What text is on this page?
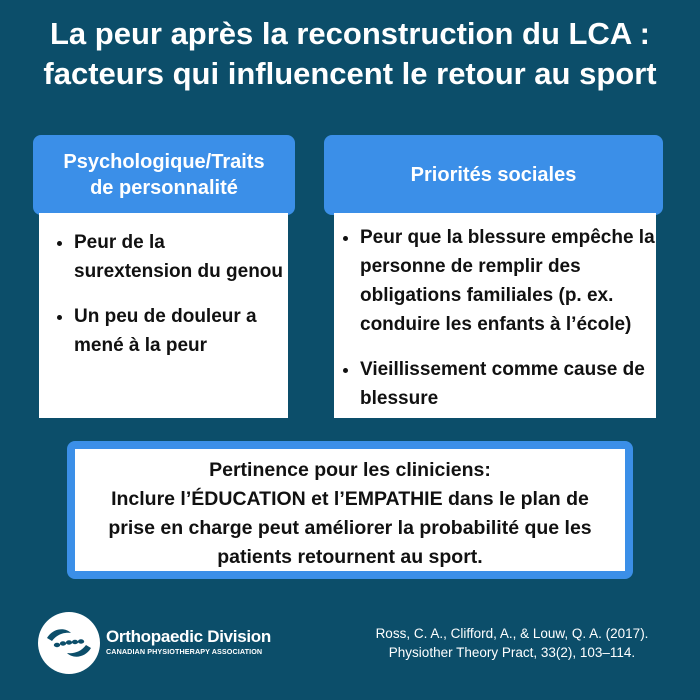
La peur après la reconstruction du LCA :
facteurs qui influencent le retour au sport
Psychologique/Traits
de personnalité
• Peur de la surextension du genou
• Un peu de douleur a mené à la peur
Priorités sociales
• Peur que la blessure empêche la personne de remplir des obligations familiales (p. ex. conduire les enfants à l’école)
• Vieillissement comme cause de blessure
Pertinence pour les cliniciens:
Inclure l’ÉDUCATION et l’EMPATHIE dans le plan de
prise en charge peut améliorer la probabilité que les
patients retournent au sport.
Orthopaedic Division
CANADIAN PHYSIOTHERAPY ASSOCIATION
Ross, C. A., Clifford, A., & Louw, Q. A. (2017).
Physiother Theory Pract, 33(2), 103–114.
